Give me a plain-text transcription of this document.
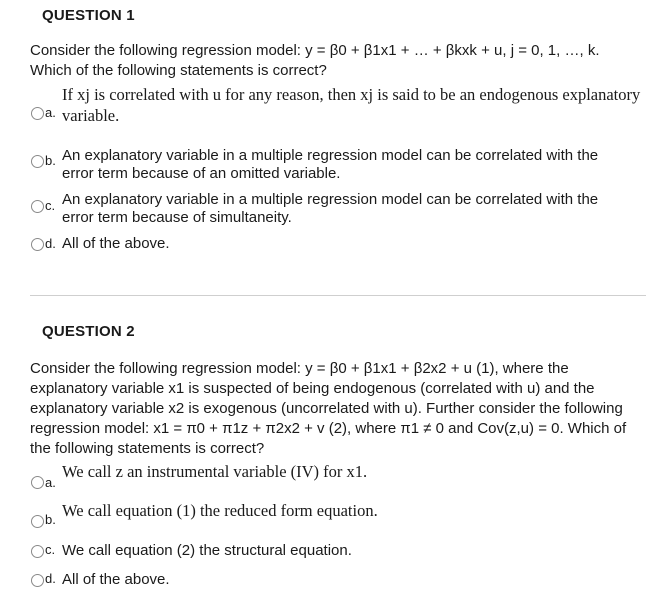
QUESTION 1
Consider the following regression model: y = β0 + β1x1 + … + βkxk + u, j = 0, 1, …, k.
Which of the following statements is correct?
a.
If xj is correlated with u for any reason, then xj is said to be an endogenous explanatory
variable.
b. An explanatory variable in a multiple regression model can be correlated with the
error term because of an omitted variable.
c. An explanatory variable in a multiple regression model can be correlated with the
error term because of simultaneity.
d. All of the above.
QUESTION 2
Consider the following regression model: y = β0 + β1x1 + β2x2 + u (1), where the
explanatory variable x1 is suspected of being endogenous (correlated with u) and the
explanatory variable x2 is exogenous (uncorrelated with u). Further consider the following
regression model: x1 = π0 + π1z + π2x2 + v (2), where π1 ≠ 0 and Cov(z,u) = 0. Which of
the following statements is correct?
a.
We call z an instrumental variable (IV) for x1.
b. We call equation (1) the reduced form equation.
c. We call equation (2) the structural equation.
d. All of the above.
